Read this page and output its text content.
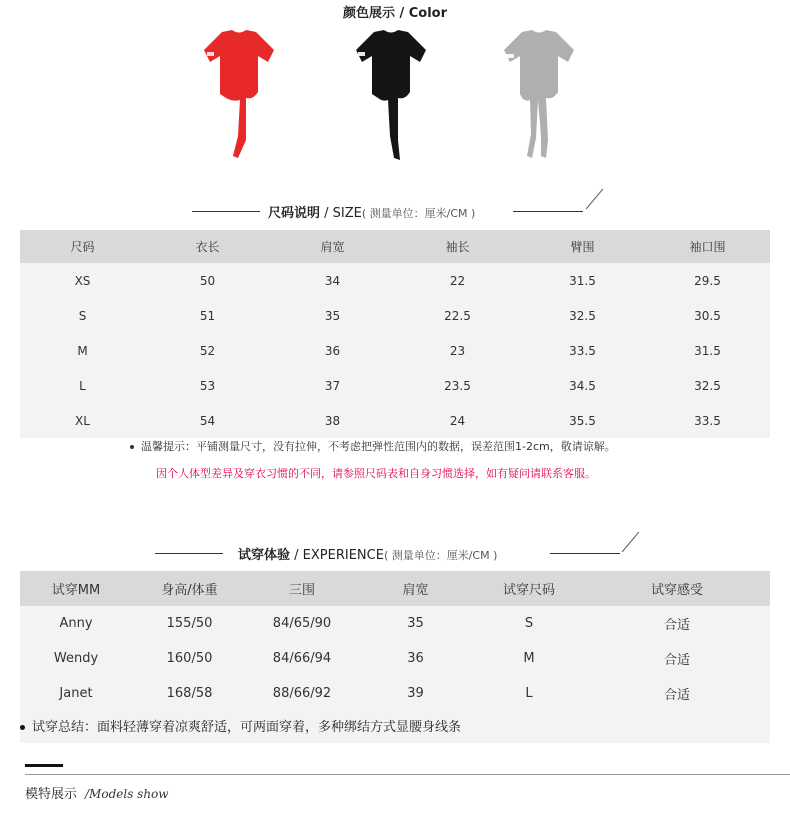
颜色展示 / Color
尺码说明 / SIZE( 测量单位：厘米/CM )
尺码	衣长	肩宽	袖长	臂围	袖口围
XS	50	34	22	31.5	29.5
S	51	35	22.5	32.5	30.5
M	52	36	23	33.5	31.5
L	53	37	23.5	34.5	32.5
XL	54	38	24	35.5	33.5
温馨提示：平铺测量尺寸，没有拉伸，不考虑把弹性范围内的数据，误差范围1-2cm，敬请谅解。
因个人体型差异及穿衣习惯的不同，请参照尺码表和自身习惯选择，如有疑问请联系客服。
试穿体验 / EXPERIENCE( 测量单位：厘米/CM )
试穿MM	身高/体重	三围	肩宽	试穿尺码	试穿感受
Anny	155/50	84/65/90	35	S	合适
Wendy	160/50	84/66/94	36	M	合适
Janet	168/58	88/66/92	39	L	合适
试穿总结：面料轻薄穿着凉爽舒适，可两面穿着，多种绑结方式显腰身线条
模特展示 /Models show
